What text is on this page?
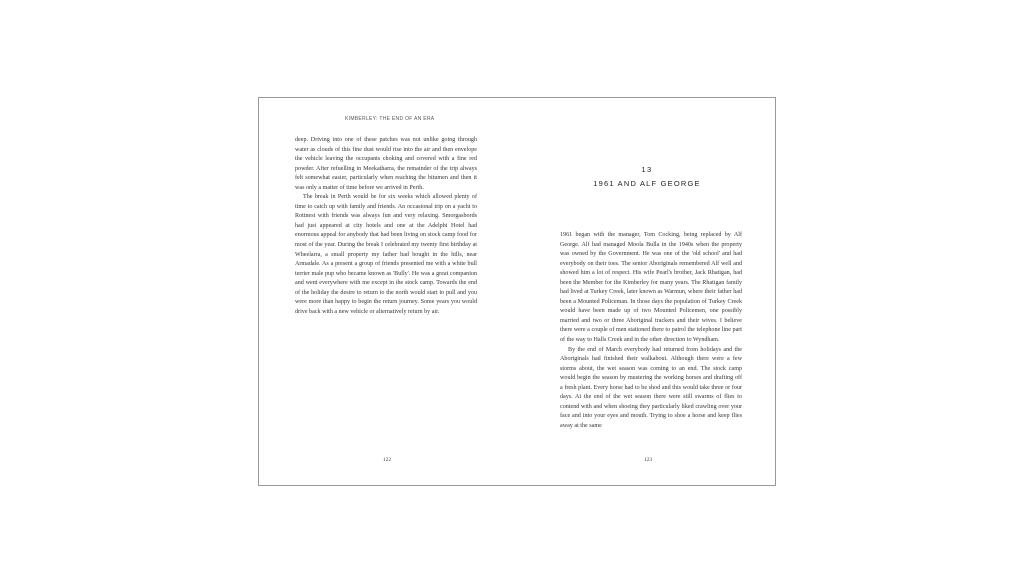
KIMBERLEY: THE END OF AN ERA

deep. Driving into one of these patches was not unlike going through water as clouds of this fine dust would rise into the air and then envelope the vehicle leaving the occupants choking and covered with a fine red powder. After refuelling in Meekatharra, the remainder of the trip always felt somewhat easier, particularly when reaching the bitumen and then it was only a matter of time before we arrived in Perth.

The break in Perth would be for six weeks which allowed plenty of time to catch up with family and friends. An occasional trip on a yacht to Rottnest with friends was always fun and very relaxing. Smorgasbords had just appeared at city hotels and one at the Adelphi Hotel had enormous appeal for anybody that had been living on stock camp food for most of the year. During the break I celebrated my twenty first birthday at Wheelarra, a small property my father had bought in the hills, near Armadale. As a present a group of friends presented me with a white bull terrier male pup who became known as 'Bully'. He was a great companion and went everywhere with me except in the stock camp. Towards the end of the holiday the desire to return to the north would start to pull and you were more than happy to begin the return journey. Some years you would drive back with a new vehicle or alternatively return by air.

122
13
1961 AND ALF GEORGE

1961 began with the manager, Tom Cocking, being replaced by Alf George. Alf had managed Moola Bulla in the 1940s when the property was owned by the Government. He was one of the 'old school' and had everybody on their toes. The senior Aboriginals remembered Alf well and showed him a lot of respect. His wife Pearl's brother, Jack Rhatigan, had been the Member for the Kimberley for many years. The Rhatigan family had lived at Turkey Creek, later known as Warmun, where their father had been a Mounted Policeman. In those days the population of Turkey Creek would have been made up of two Mounted Policemen, one possibly married and two or three Aboriginal trackers and their wives. I believe there were a couple of men stationed there to patrol the telephone line part of the way to Halls Creek and in the other direction to Wyndham.

By the end of March everybody had returned from holidays and the Aboriginals had finished their walkabout. Although there were a few storms about, the wet season was coming to an end. The stock camp would begin the season by mustering the working horses and drafting off a fresh plant. Every horse had to be shod and this would take three or four days. At the end of the wet season there were still swarms of flies to contend with and when shoeing they particularly liked crawling over your face and into your eyes and mouth. Trying to shoe a horse and keep flies away at the same

123
